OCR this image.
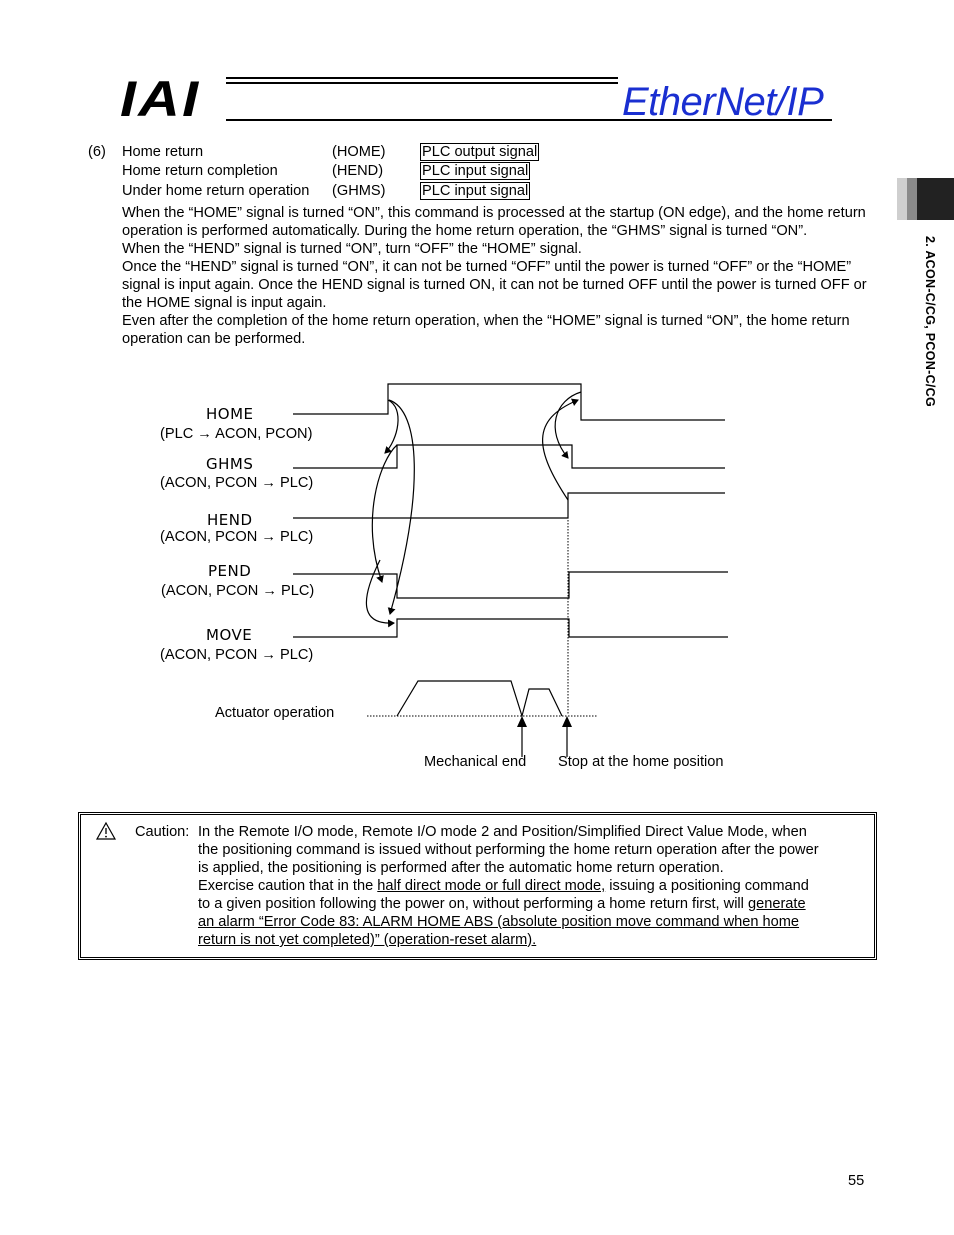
IAI	EtherNet/IP
2. ACON-C/CG, PCON-C/CG
(6) Home return	(HOME) PLC output signal
Home return completion	(HEND)	PLC input signal
Under home return operation (GHMS) PLC input signal
When the “HOME” signal is turned “ON”, this command is processed at the startup (ON edge), and the home return operation is performed automatically. During the home return operation, the “GHMS” signal is turned “ON”.
When the “HEND” signal is turned “ON”, turn “OFF” the “HOME” signal.
Once the “HEND” signal is turned “ON”, it can not be turned “OFF” until the power is turned “OFF” or the “HOME” signal is input again. Once the HEND signal is turned ON, it can not be turned OFF until the power is turned OFF or the HOME signal is input again.
Even after the completion of the home return operation, when the “HOME” signal is turned “ON”, the home return operation can be performed.
HOME
(PLC → ACON, PCON)
GHMS
(ACON, PCON → PLC)
HEND
(ACON, PCON → PLC)
PEND
(ACON, PCON → PLC)
MOVE
(ACON, PCON → PLC)
Actuator operation
Mechanical end Stop at the home position
Caution: In the Remote I/O mode, Remote I/O mode 2 and Position/Simplified Direct Value Mode, when
the positioning command is issued without performing the home return operation after the power
is applied, the positioning is performed after the automatic home return operation.
Exercise caution that in the half direct mode or full direct mode, issuing a positioning command
to a given position following the power on, without performing a home return first, will generate
an alarm “Error Code 83: ALARM HOME ABS (absolute position move command when home
return is not yet completed)” (operation-reset alarm).
55
